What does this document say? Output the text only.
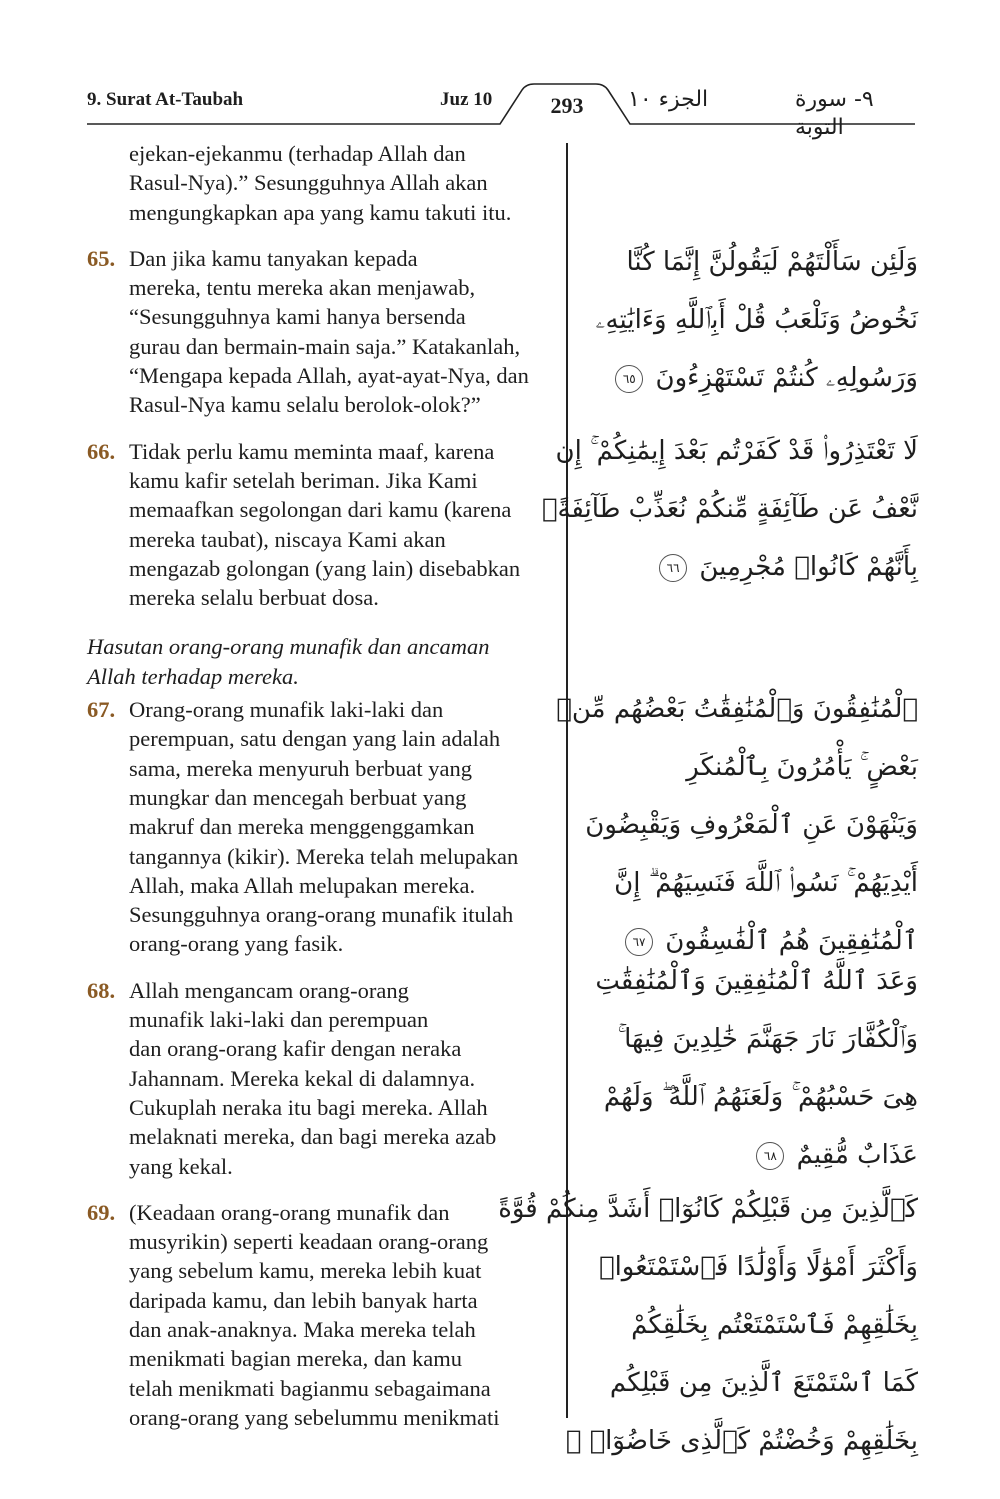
9. Surat At-Taubah	Juz 10	293	الجزء ١٠	٩- سورة التوبة
ejekan-ejekanmu (terhadap Allah dan
Rasul-Nya).” Sesungguhnya Allah akan
mengungkapkan apa yang kamu takuti itu.
65. Dan jika kamu tanyakan kepada
mereka, tentu mereka akan menjawab,
“Sesungguhnya kami hanya bersenda
gurau dan bermain-main saja.” Katakanlah,
“Mengapa kepada Allah, ayat-ayat-Nya, dan
Rasul-Nya kamu selalu berolok-olok?”
66. Tidak perlu kamu meminta maaf, karena
kamu kafir setelah beriman. Jika Kami
memaafkan segolongan dari kamu (karena
mereka taubat), niscaya Kami akan
mengazab golongan (yang lain) disebabkan
mereka selalu berbuat dosa.
Hasutan orang-orang munafik dan ancaman
Allah terhadap mereka.
67. Orang-orang munafik laki-laki dan
perempuan, satu dengan yang lain adalah
sama, mereka menyuruh berbuat yang
mungkar dan mencegah berbuat yang
makruf dan mereka menggenggamkan
tangannya (kikir). Mereka telah melupakan
Allah, maka Allah melupakan mereka.
Sesungguhnya orang-orang munafik itulah
orang-orang yang fasik.
68. Allah mengancam orang-orang
munafik laki-laki dan perempuan
dan orang-orang kafir dengan neraka
Jahannam. Mereka kekal di dalamnya.
Cukuplah neraka itu bagi mereka. Allah
melaknati mereka, dan bagi mereka azab
yang kekal.
69. (Keadaan orang-orang munafik dan
musyrikin) seperti keadaan orang-orang
yang sebelum kamu, mereka lebih kuat
daripada kamu, dan lebih banyak harta
dan anak-anaknya. Maka mereka telah
menikmati bagian mereka, dan kamu
telah menikmati bagianmu sebagaimana
orang-orang yang sebelummu menikmati
وَلَئِن سَأَلْتَهُمْ لَيَقُولُنَّ إِنَّمَا كُنَّا
نَخُوضُ وَنَلْعَبُ قُلْ أَبِٱللَّهِ وَءَايَٰتِهِۦ
وَرَسُولِهِۦ كُنتُمْ تَسْتَهْزِءُونَ ٦٥
لَا تَعْتَذِرُوا۟ قَدْ كَفَرْتُم بَعْدَ إِيمَٰنِكُمْ ۚ إِن
نَّعْفُ عَن طَآئِفَةٍ مِّنكُمْ نُعَذِّبْ طَآئِفَةًۢ
بِأَنَّهُمْ كَانُوا۟ مُجْرِمِينَ ٦٦
ٱلْمُنَٰفِقُونَ وَٱلْمُنَٰفِقَٰتُ بَعْضُهُم مِّنۢ
بَعْضٍ ۚ يَأْمُرُونَ بِٱلْمُنكَرِ
وَيَنْهَوْنَ عَنِ ٱلْمَعْرُوفِ وَيَقْبِضُونَ
أَيْدِيَهُمْ ۚ نَسُوا۟ ٱللَّهَ فَنَسِيَهُمْ ۗ إِنَّ
ٱلْمُنَٰفِقِينَ هُمُ ٱلْفَٰسِقُونَ ٦٧
وَعَدَ ٱللَّهُ ٱلْمُنَٰفِقِينَ وَٱلْمُنَٰفِقَٰتِ
وَٱلْكُفَّارَ نَارَ جَهَنَّمَ خَٰلِدِينَ فِيهَا ۚ
هِىَ حَسْبُهُمْ ۚ وَلَعَنَهُمُ ٱللَّهُ ۖ وَلَهُمْ
عَذَابٌ مُّقِيمٌ ٦٨
كَٱلَّذِينَ مِن قَبْلِكُمْ كَانُوٓا۟ أَشَدَّ مِنكُمْ قُوَّةً
وَأَكْثَرَ أَمْوَٰلًا وَأَوْلَٰدًا فَٱسْتَمْتَعُوا۟
بِخَلَٰقِهِمْ فَٱسْتَمْتَعْتُم بِخَلَٰقِكُمْ
كَمَا ٱسْتَمْتَعَ ٱلَّذِينَ مِن قَبْلِكُم
بِخَلَٰقِهِمْ وَخُضْتُمْ كَٱلَّذِى خَاضُوٓا۟ ۚ
